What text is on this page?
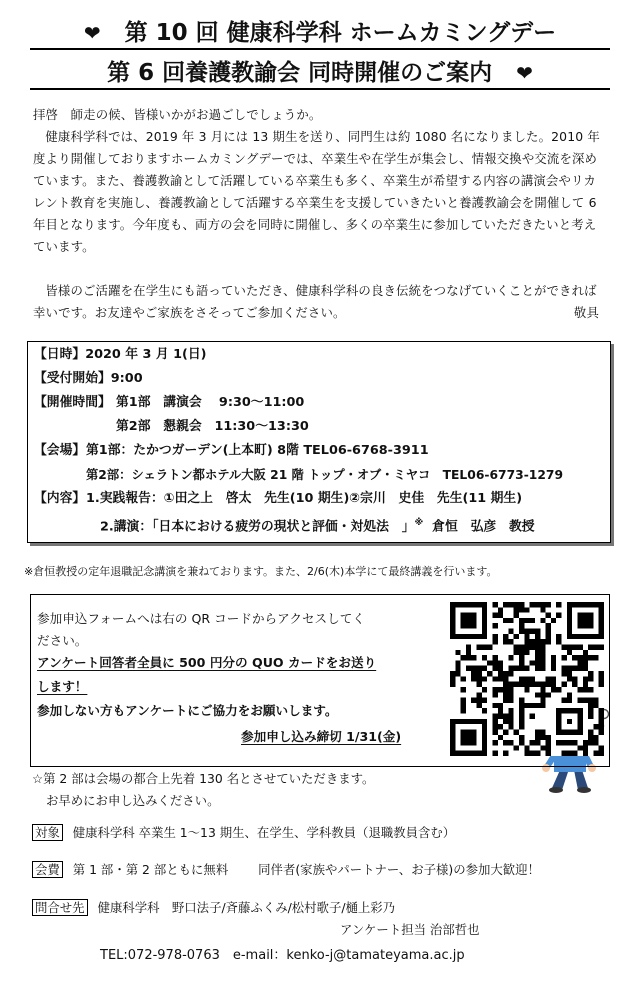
❤ 第 10 回 健康科学科 ホームカミングデー
第 6 回養護教諭会 同時開催のご案内 ❤
拝啓　師走の候、皆様いかがお過ごしでしょうか。
健康科学科では、2019 年 3 月には 13 期生を送り、同門生は約 1080 名になりました。2010 年度より開催しておりますホームカミングデーでは、卒業生や在学生が集会し、情報交換や交流を深めています。また、養護教諭として活躍している卒業生も多く、卒業生が希望する内容の講演会やリカレント教育を実施し、養護教諭として活躍する卒業生を支援していきたいと養護教諭会を開催して 6 年目となります。今年度も、両方の会を同時に開催し、多くの卒業生に参加していただきたいと考えています。
皆様のご活躍を在学生にも語っていただき、健康科学科の良き伝統をつなげていくことができれば幸いです。お友達やご家族をさそってご参加ください。	敬具
【日時】2020 年 3 月 1(日)
【受付開始】9:00
【開催時間】 第1部　講演会　 9:30～11:00
第2部　懇親会　11:30～13:30
【会場】 第1部：たかつガーデン(上本町) 8階 TEL06-6768-3911
第2部：シェラトン都ホテル大阪 21 階 トップ・オブ・ミヤコ　TEL06-6773-1279
【内容】 1.実践報告：①田之上　啓太　先生(10 期生)②宗川　史佳　先生(11 期生)
2.講演：「日本における疲労の現状と評価・対処法　」※ 倉恒　弘彦　教授
※倉恒教授の定年退職記念講演を兼ねております。また、2/6(木)本学にて最終講義を行います。
参加申込フォームへは右の QR コードからアクセスしてく
ださい。
アンケート回答者全員に 500 円分の QUO カードをお送り
します！
参加しない方もアンケートにご協力をお願いします。
参加申し込み締切 1/31(金)
☆第 2 部は会場の都合上先着 130 名とさせていただきます。
お早めにお申し込みください。
対象 健康科学科 卒業生 1～13 期生、在学生、学科教員（退職教員含む）
会費 第 1 部・第 2 部ともに無料 同伴者(家族やパートナー、お子様)の参加大歓迎！
問合せ先 健康科学科　野口法子/斉藤ふくみ/松村歌子/樋上彩乃
アンケート担当 治部哲也
TEL:072-978-0763　e-mail：kenko-j@tamateyama.ac.jp
